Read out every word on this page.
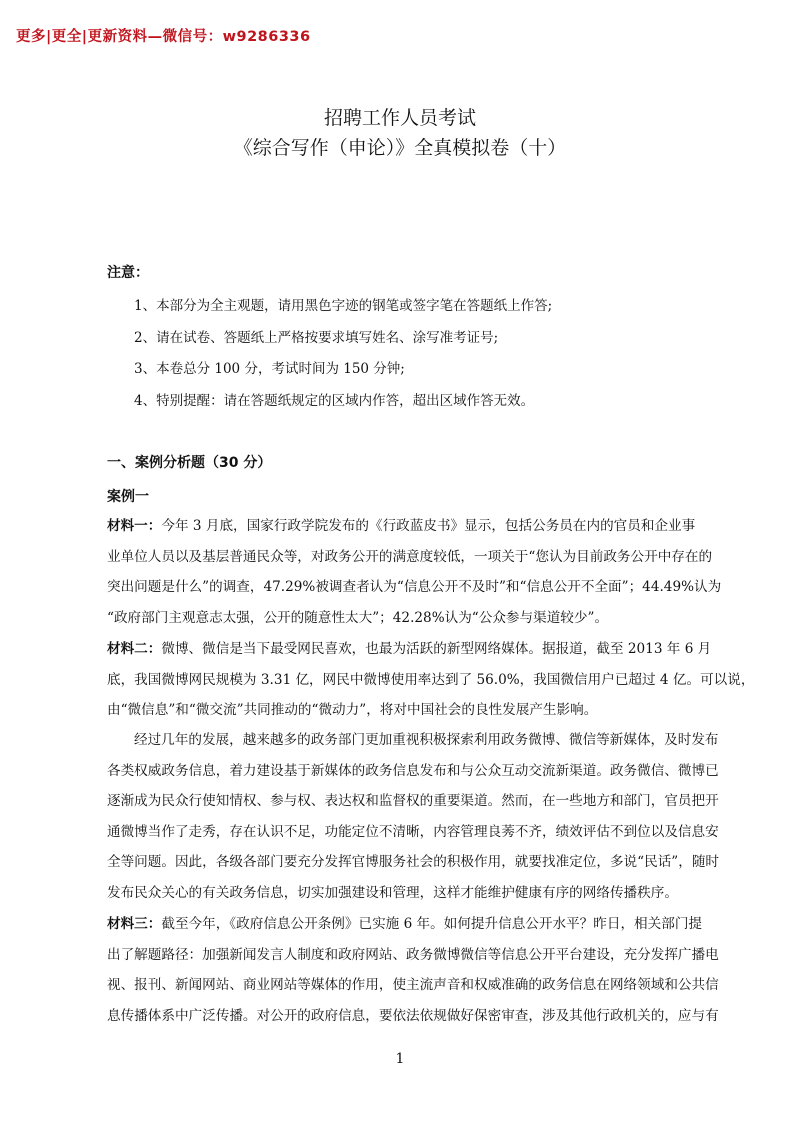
更多|更全|更新资料—微信号：w9286336
招聘工作人员考试
《综合写作（申论）》全真模拟卷（十）
注意：
1、本部分为全主观题，请用黑色字迹的钢笔或签字笔在答题纸上作答;
2、请在试卷、答题纸上严格按要求填写姓名、涂写准考证号;
3、本卷总分 100 分，考试时间为 150 分钟;
4、特别提醒：请在答题纸规定的区域内作答，超出区域作答无效。
一、案例分析题（30 分）
案例一
材料一：今年 3 月底，国家行政学院发布的《行政蓝皮书》显示，包括公务员在内的官员和企业事
业单位人员以及基层普通民众等，对政务公开的满意度较低，一项关于“您认为目前政务公开中存在的
突出问题是什么”的调查，47.29%被调查者认为“信息公开不及时”和“信息公开不全面”；44.49%认为
“政府部门主观意志太强，公开的随意性太大”；42.28%认为“公众参与渠道较少”。
材料二：微博、微信是当下最受网民喜欢，也最为活跃的新型网络媒体。据报道，截至 2013 年 6 月
底，我国微博网民规模为 3.31 亿，网民中微博使用率达到了 56.0%，我国微信用户已超过 4 亿。可以说，
由“微信息”和“微交流”共同推动的“微动力”，将对中国社会的良性发展产生影响。
经过几年的发展，越来越多的政务部门更加重视积极探索利用政务微博、微信等新媒体，及时发布
各类权威政务信息，着力建设基于新媒体的政务信息发布和与公众互动交流新渠道。政务微信、微博已
逐渐成为民众行使知情权、参与权、表达权和监督权的重要渠道。然而，在一些地方和部门，官员把开
通微博当作了走秀，存在认识不足，功能定位不清晰，内容管理良莠不齐，绩效评估不到位以及信息安
全等问题。因此，各级各部门要充分发挥官博服务社会的积极作用，就要找准定位，多说“民话”，随时
发布民众关心的有关政务信息，切实加强建设和管理，这样才能维护健康有序的网络传播秩序。
材料三：截至今年，《政府信息公开条例》已实施 6 年。如何提升信息公开水平？昨日，相关部门提
出了解题路径：加强新闻发言人制度和政府网站、政务微博微信等信息公开平台建设，充分发挥广播电
视、报刊、新闻网站、商业网站等媒体的作用，使主流声音和权威准确的政务信息在网络领域和公共信
息传播体系中广泛传播。对公开的政府信息，要依法依规做好保密审查，涉及其他行政机关的，应与有
1
